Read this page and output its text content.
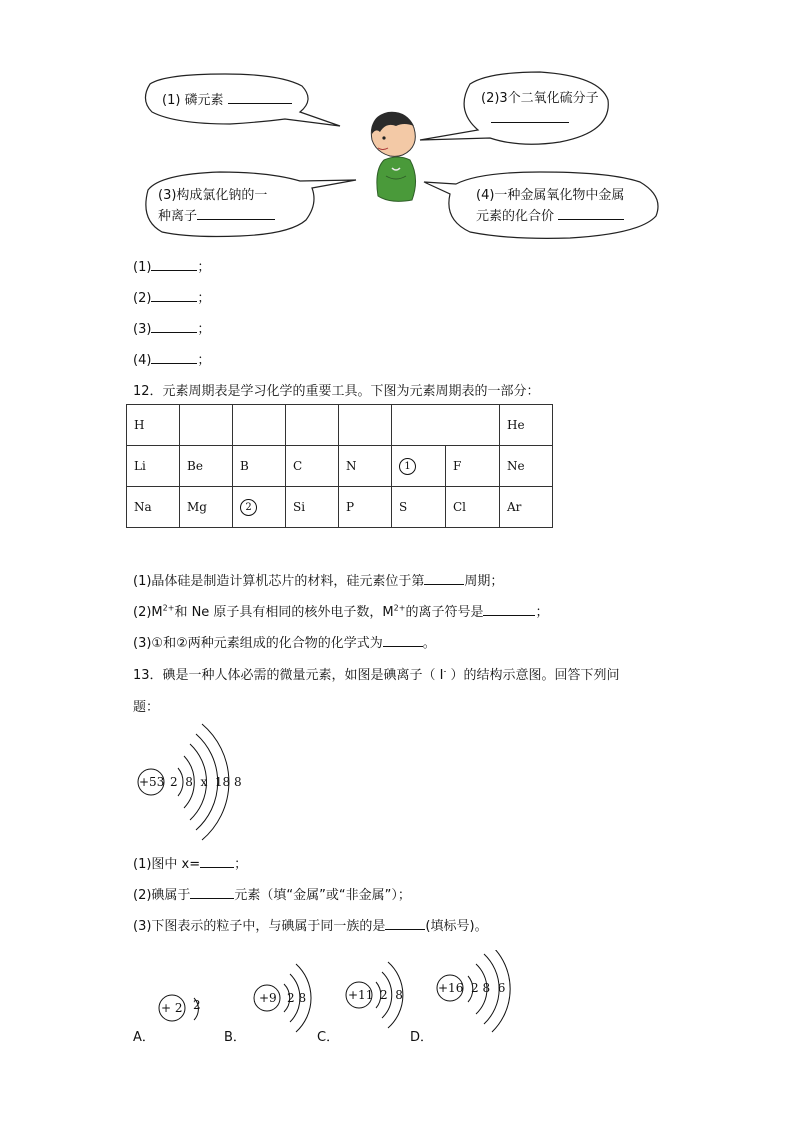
(1) 磷元素	(2)3个二氧化硫分子
(3)构成氯化钠的一
种离子
(4)一种金属氧化物中金属
元素的化合价
(1)	；
(2)	；
(3)	；
(4)	；
12．元素周期表是学习化学的重要工具。下图为元素周期表的一部分：
H							He
Li	Be	B	C	N	1	F	Ne
Na	Mg	2	Si	P	S	Cl	Ar
(1)晶体硅是制造计算机芯片的材料，硅元素位于第	周期；
$(2)M^{2+}$和 Ne 原子具有相同的核外电子数，$M^{2+}$的离子符号是	；
(3)①和②两种元素组成的化合物的化学式为	。
13．碘是一种人体必需的微量元素，如图是碘离子（ I- ）的结构示意图。回答下列问
题：
+53 2  8  x  18 8
(1)图中 x=	；
(2)碘属于	元素（填“金属”或“非金属”）；
(3)下图表示的粒子中，与碘属于同一族的是	(填标号)。
+ 2 2	+9 2 8	+11 2  8	+16 2 8  6
A．	B．	C．	D．
